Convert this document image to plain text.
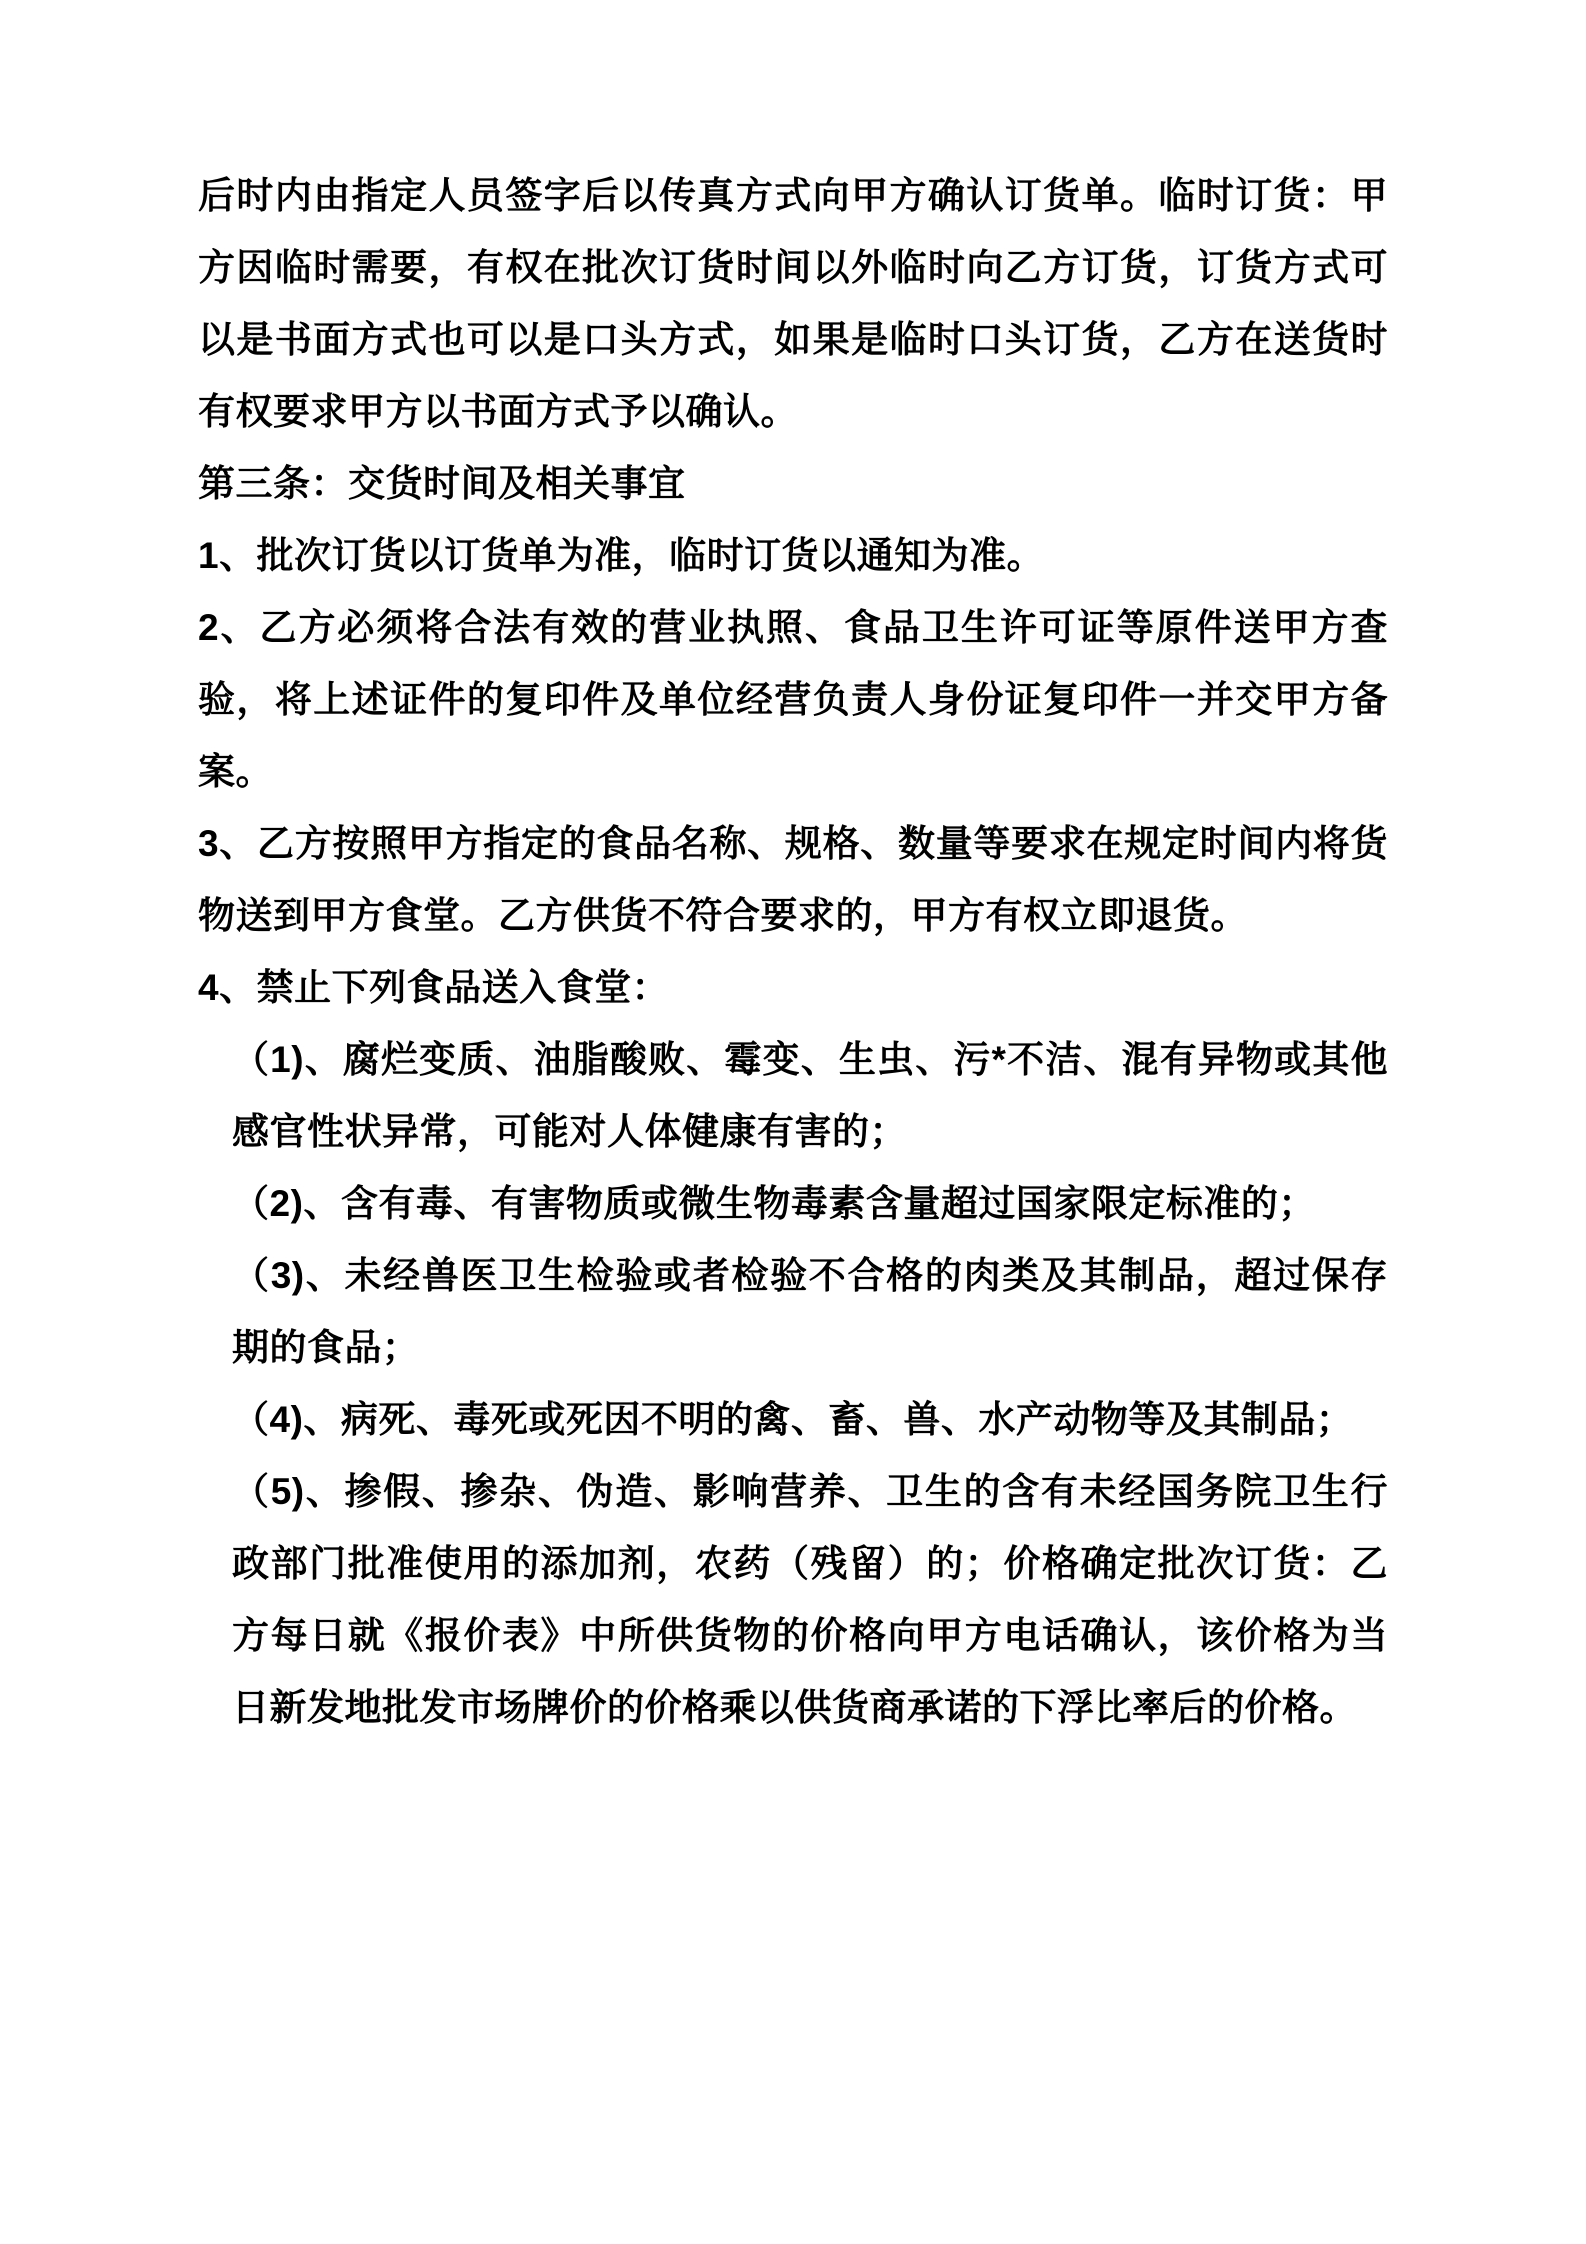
后时内由指定人员签字后以传真方式向甲方确认订货单。临时订货：甲方因临时需要，有权在批次订货时间以外临时向乙方订货，订货方式可以是书面方式也可以是口头方式，如果是临时口头订货，乙方在送货时有权要求甲方以书面方式予以确认。

第三条：交货时间及相关事宜

1、批次订货以订货单为准，临时订货以通知为准。

2、乙方必须将合法有效的营业执照、食品卫生许可证等原件送甲方查验，将上述证件的复印件及单位经营负责人身份证复印件一并交甲方备案。

3、乙方按照甲方指定的食品名称、规格、数量等要求在规定时间内将货物送到甲方食堂。乙方供货不符合要求的，甲方有权立即退货。

4、禁止下列食品送入食堂：

（1)、腐烂变质、油脂酸败、霉变、生虫、污*不洁、混有异物或其他感官性状异常，可能对人体健康有害的；

（2)、含有毒、有害物质或微生物毒素含量超过国家限定标准的；

（3)、未经兽医卫生检验或者检验不合格的肉类及其制品，超过保存期的食品；

（4)、病死、毒死或死因不明的禽、畜、兽、水产动物等及其制品；

（5)、掺假、掺杂、伪造、影响营养、卫生的含有未经国务院卫生行政部门批准使用的添加剂，农药（残留）的；价格确定批次订货：乙方每日就《报价表》中所供货物的价格向甲方电话确认，该价格为当日新发地批发市场牌价的价格乘以供货商承诺的下浮比率后的价格。
